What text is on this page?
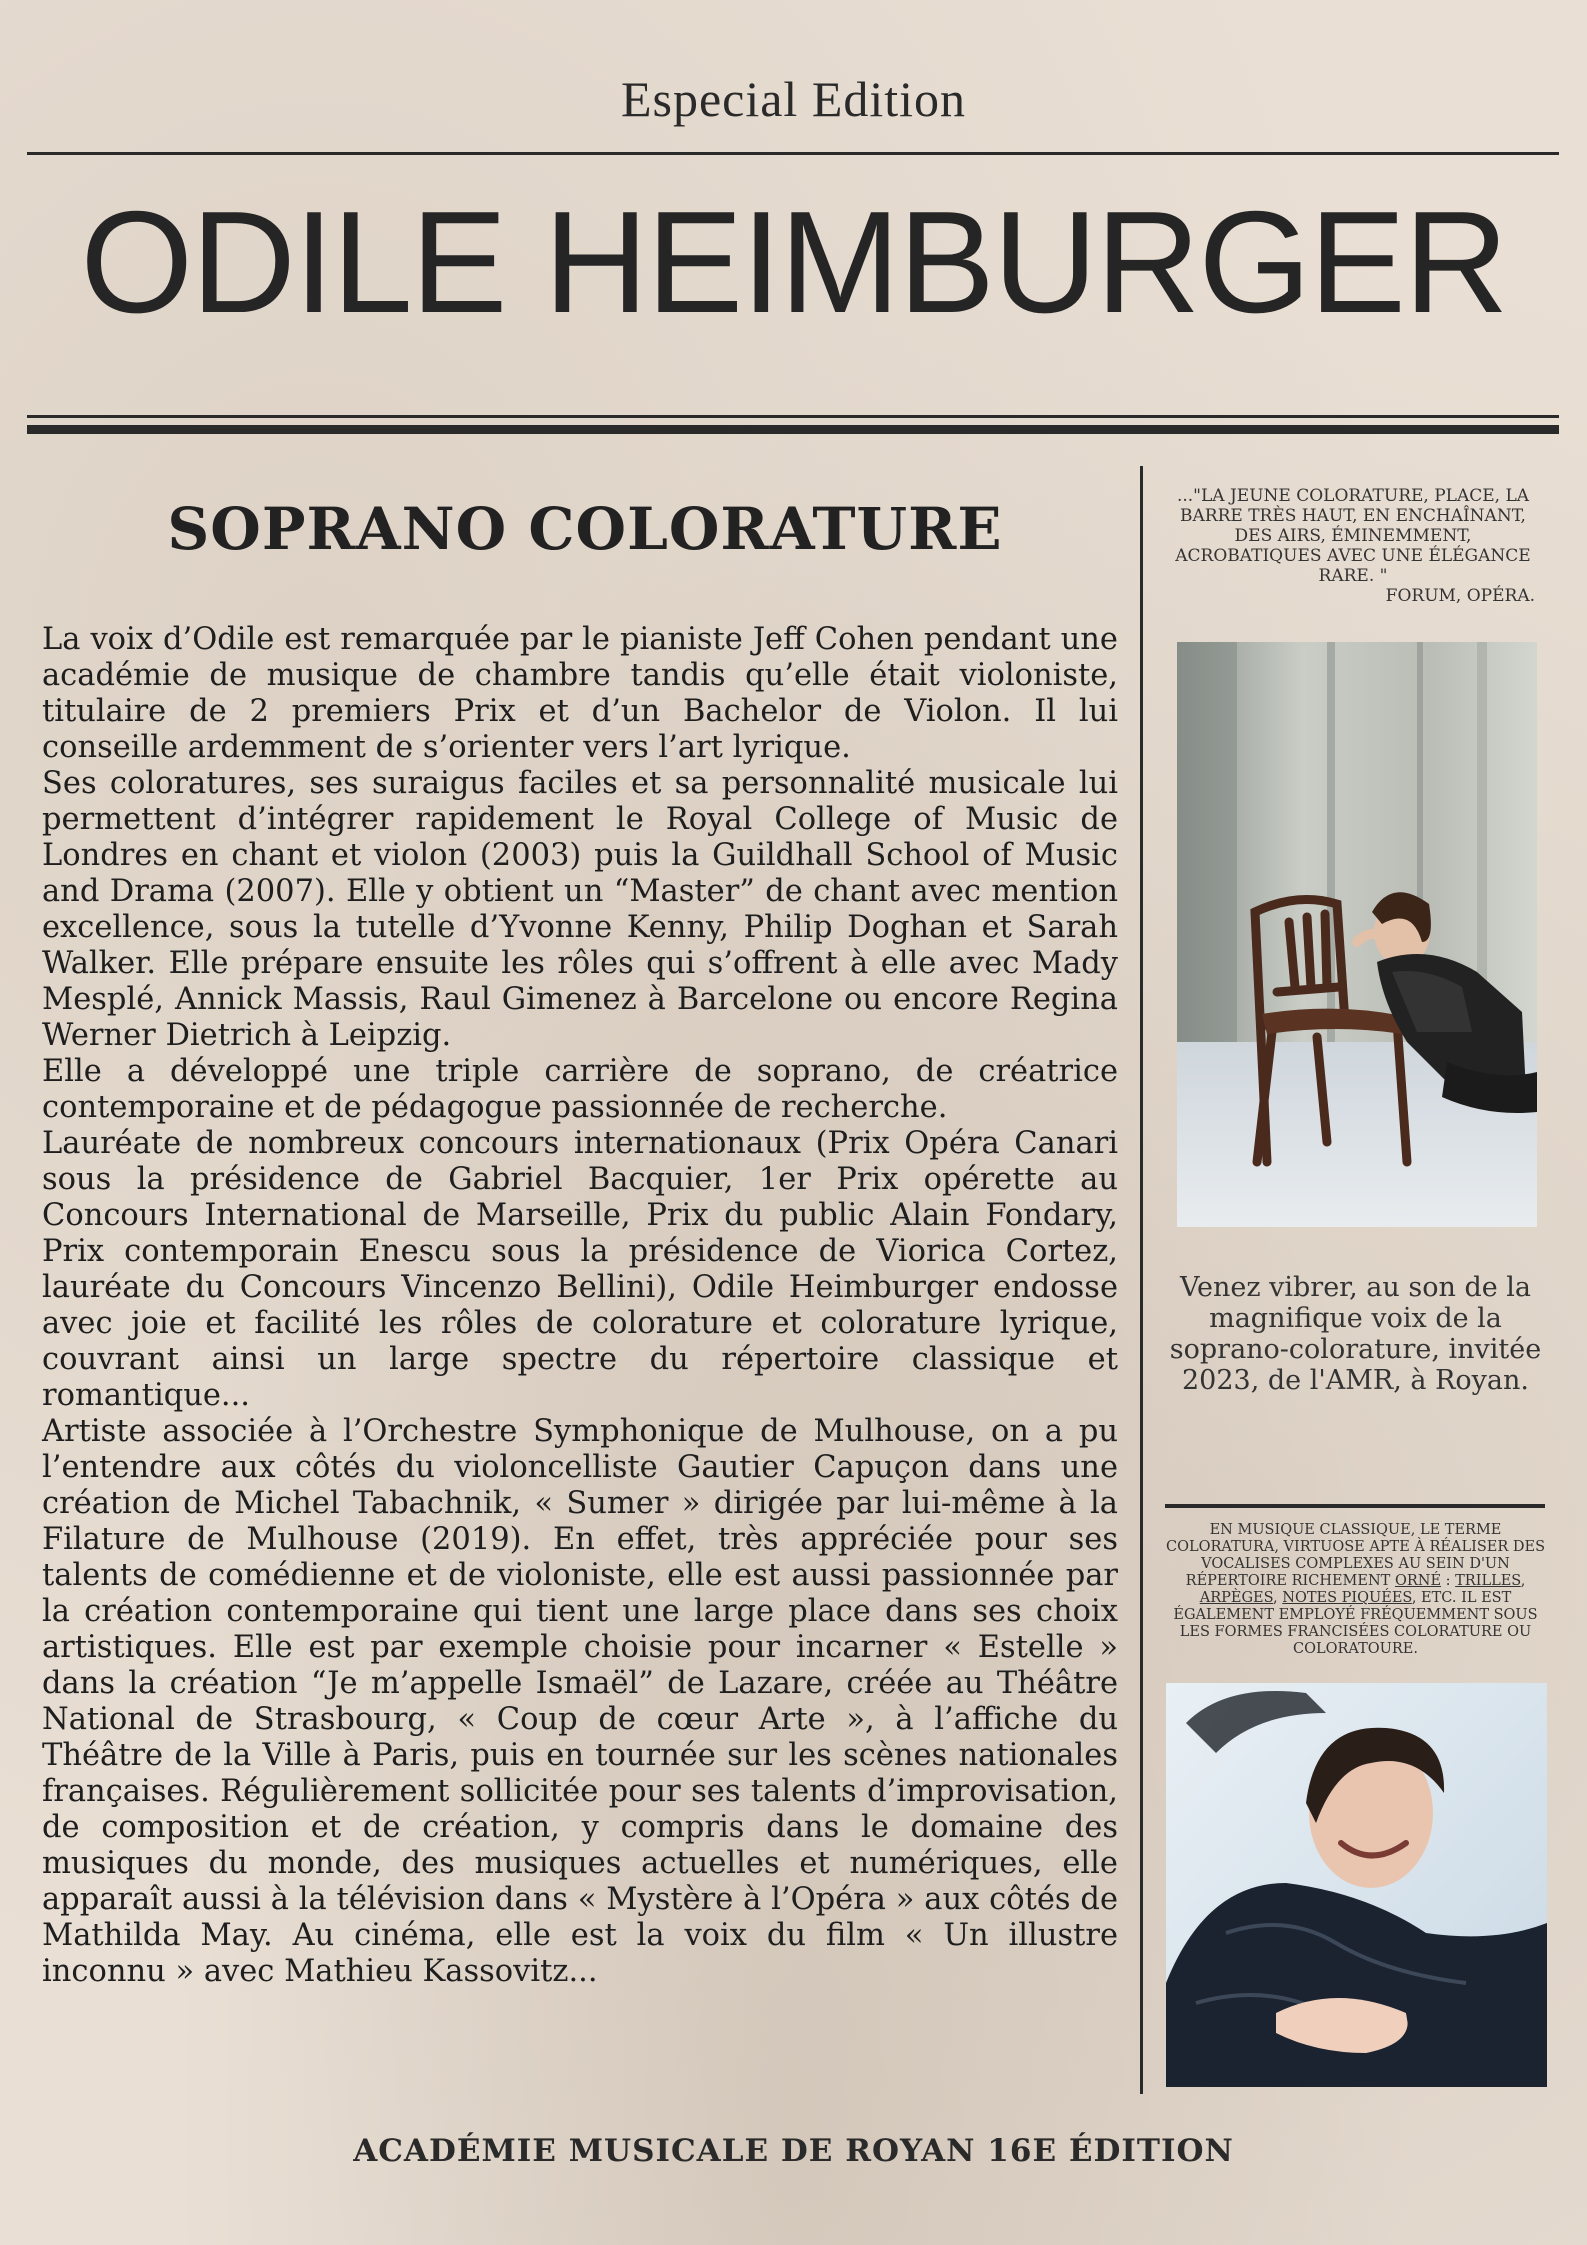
Especial Edition
ODILE HEIMBURGER
SOPRANO COLORATURE

La voix d’Odile est remarquée par le pianiste Jeff Cohen pendant une académie de musique de chambre tandis qu’elle était violoniste, titulaire de 2 premiers Prix et d’un Bachelor de Violon. Il lui conseille ardemment de s’orienter vers l’art lyrique.

Ses coloratures, ses suraigus faciles et sa personnalité musicale lui permettent d’intégrer rapidement le Royal College of Music de Londres en chant et violon (2003) puis la Guildhall School of Music and Drama (2007). Elle y obtient un “Master” de chant avec mention excellence, sous la tutelle d’Yvonne Kenny, Philip Doghan et Sarah Walker. Elle prépare ensuite les rôles qui s’offrent à elle avec Mady Mesplé, Annick Massis, Raul Gimenez à Barcelone ou encore Regina Werner Dietrich à Leipzig.

Elle a développé une triple carrière de soprano, de créatrice contemporaine et de pédagogue passionnée de recherche.

Lauréate de nombreux concours internationaux (Prix Opéra Canari sous la présidence de Gabriel Bacquier, 1er Prix opérette au Concours International de Marseille, Prix du public Alain Fondary, Prix contemporain Enescu sous la présidence de Viorica Cortez, lauréate du Concours Vincenzo Bellini), Odile Heimburger endosse avec joie et facilité les rôles de colorature et colorature lyrique, couvrant ainsi un large spectre du répertoire classique et romantique...

Artiste associée à l’Orchestre Symphonique de Mulhouse, on a pu l’entendre aux côtés du violoncelliste Gautier Capuçon dans une création de Michel Tabachnik, « Sumer » dirigée par lui-même à la Filature de Mulhouse (2019). En effet, très appréciée pour ses talents de comédienne et de violoniste, elle est aussi passionnée par la création contemporaine qui tient une large place dans ses choix artistiques. Elle est par exemple choisie pour incarner « Estelle » dans la création “Je m’appelle Ismaël” de Lazare, créée au Théâtre National de Strasbourg, « Coup de cœur Arte », à l’affiche du Théâtre de la Ville à Paris, puis en tournée sur les scènes nationales françaises. Régulièrement sollicitée pour ses talents d’improvisation, de composition et de création, y compris dans le domaine des musiques du monde, des musiques actuelles et numériques, elle apparaît aussi à la télévision dans « Mystère à l’Opéra » aux côtés de Mathilda May. Au cinéma, elle est la voix du film « Un illustre inconnu » avec Mathieu Kassovitz...

..."LA JEUNE COLORATURE, PLACE, LA BARRE TRÈS HAUT, EN ENCHAÎNANT, DES AIRS, ÉMINEMMENT, ACROBATIQUES AVEC UNE ÉLÉGANCE RARE. "
FORUM, OPÉRA.
Venez vibrer, au son de la magnifique voix de la soprano-colorature, invitée 2023, de l'AMR, à Royan.
EN MUSIQUE CLASSIQUE, LE TERME COLORATURA, VIRTUOSE APTE À RÉALISER DES VOCALISES COMPLEXES AU SEIN D'UN RÉPERTOIRE RICHEMENT ORNÉ : TRILLES, ARPÈGES, NOTES PIQUÉES, ETC. IL EST ÉGALEMENT EMPLOYÉ FRÉQUEMMENT SOUS LES FORMES FRANCISÉES COLORATURE OU COLORATOURE.
ACADÉMIE MUSICALE DE ROYAN 16E ÉDITION
